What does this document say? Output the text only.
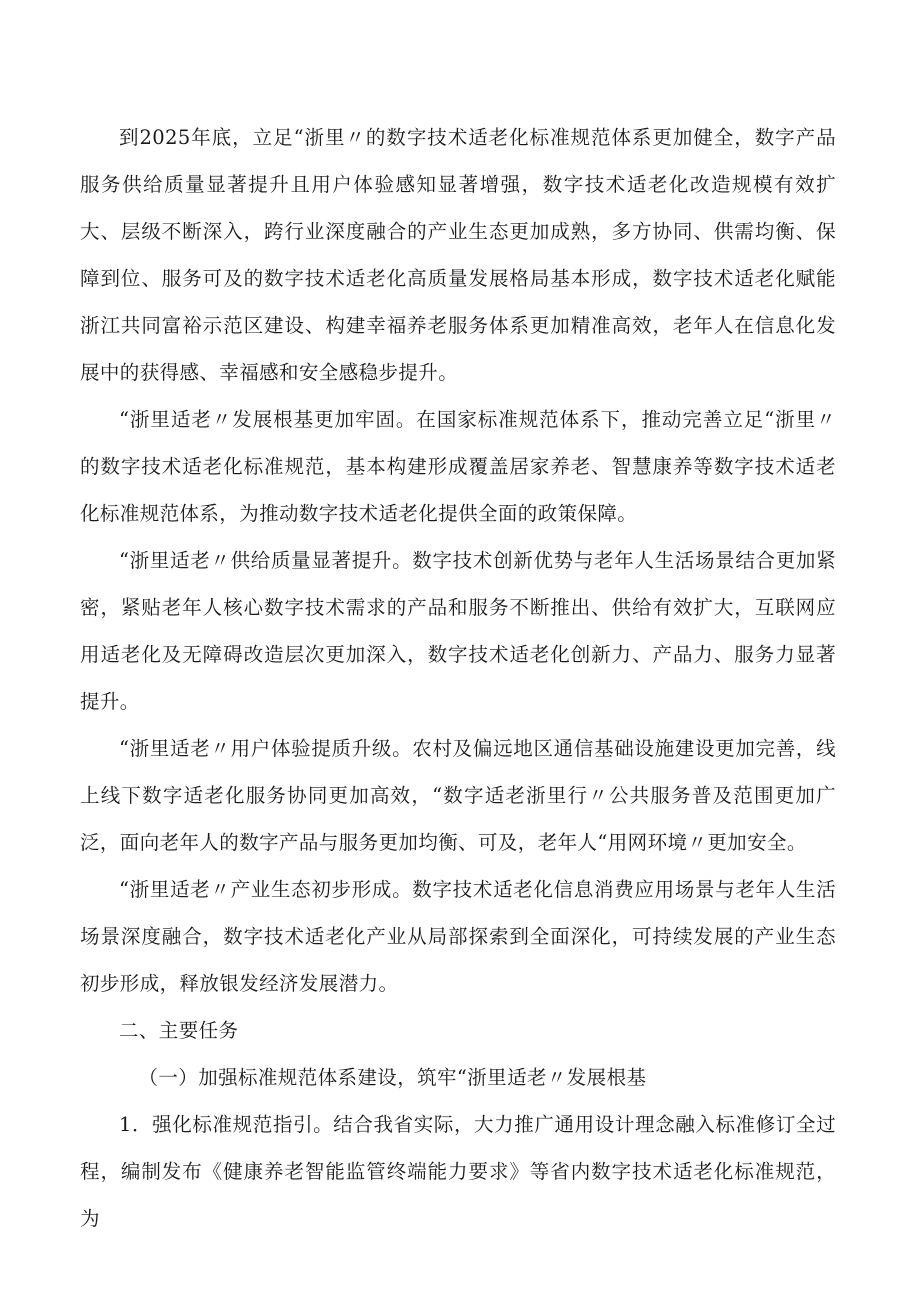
到2025年底，立足“浙里〃的数字技术适老化标准规范体系更加健全，数字产品服务供给质量显著提升且用户体验感知显著增强，数字技术适老化改造规模有效扩大、层级不断深入，跨行业深度融合的产业生态更加成熟，多方协同、供需均衡、保障到位、服务可及的数字技术适老化高质量发展格局基本形成，数字技术适老化赋能浙江共同富裕示范区建设、构建幸福养老服务体系更加精准高效，老年人在信息化发展中的获得感、幸福感和安全感稳步提升。

“浙里适老〃发展根基更加牢固。在国家标准规范体系下，推动完善立足“浙里〃的数字技术适老化标准规范，基本构建形成覆盖居家养老、智慧康养等数字技术适老化标准规范体系，为推动数字技术适老化提供全面的政策保障。

“浙里适老〃供给质量显著提升。数字技术创新优势与老年人生活场景结合更加紧密，紧贴老年人核心数字技术需求的产品和服务不断推出、供给有效扩大，互联网应用适老化及无障碍改造层次更加深入，数字技术适老化创新力、产品力、服务力显著提升。

“浙里适老〃用户体验提质升级。农村及偏远地区通信基础设施建设更加完善，线上线下数字适老化服务协同更加高效，“数字适老浙里行〃公共服务普及范围更加广泛，面向老年人的数字产品与服务更加均衡、可及，老年人“用网环境〃更加安全。

“浙里适老〃产业生态初步形成。数字技术适老化信息消费应用场景与老年人生活场景深度融合，数字技术适老化产业从局部探索到全面深化，可持续发展的产业生态初步形成，释放银发经济发展潜力。

二、主要任务

（一）加强标准规范体系建设，筑牢“浙里适老〃发展根基

1．强化标准规范指引。结合我省实际，大力推广通用设计理念融入标准修订全过程，编制发布《健康养老智能监管终端能力要求》等省内数字技术适老化标准规范，为
